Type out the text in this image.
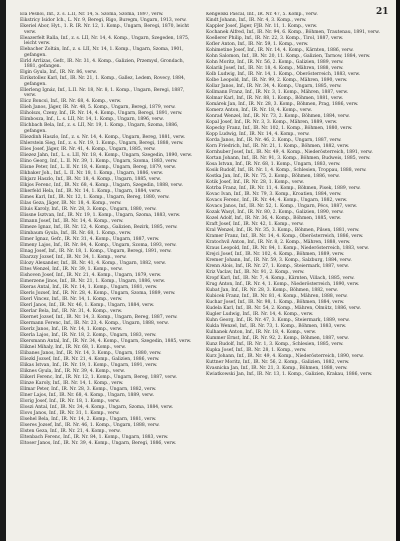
21
Ela Pesnoi, Inf., z. s. L.II, Nr. 14, S. Szoma, Szoma, 1897, verw.
Eikstricy Isidor Ich., L. Nr. 9, Beregi, Rigo, Buregm, Ungarn, 1913, verw.
Ekeriel Abor, Hyt., 1. R. IR. Nr. 12, 1. Komp., Ungarn, Beregi, 1870, leicht verw.
Eleazerfelt Ralla, Inf., z. s. LII, Nr. 14, 4. Komp., Ungarn, Szegeden, 1875, leicht verw.
Elebacher Zoltán, Inf., z. s. LII, Nr. 14, 1. Komp., Ungarn, Szoma, 1901, gefangen.
Eirld Arrlizas, Gefr., IR. Nr. 31, 4. Komp., Galizien, Przemysl, Grondach, 1881, gefangen.
Elgin Gyula, Inf., IR. Nr. 86, verw.
Eirikstollez Karl, Inf., IR. Nr. 21, 1. Komp., Gallez, Ledem, Rovecy, 1884, gefangen.
Ellerleng Ignáz, Inf., L.II. Nr. 18, Nr. 8, 1. Komp., Ungarn, Beregi, 1887, verw.
Elicz Boncsi, Inf., IR. Nr. 68, 4. Komp., verw.
Elieh Janos, Jäger, IR. Nr. 48, 5. Komp., Ungarn, Beregi, 1879, verw.
Eliholszs, Czeny, Inf., IR. Nr. 14, 4. Komp., Ungarn, Beregi, 1891, verw.
Elimbosza, Inf., L. s. LII, Nr. 14, 1. Komp., Ungarn, 1896, verw.
Elichbach Bela, Inf., z. s. LII, Nr. 19, 1. Komp., Ungarn, Szoma, 1886, gefangen.
Eliezdinh Haszlo, Inf., z. s. Nr. 14, 4. Komp., Ungarn, Bereg, 1881, verw.
Ehlerstein Sieg, Inf., z. s. Nr. 19, 1. Komp., Ungarn, Beregi, 1888, verw.
Elies Josef, Jäger, IR. Nr. 41, 4. Komp., Ungarn, 1885, verw.
Eliezez Jahn, Inf., L. s. LII, Nr. 18, 4. Komp., Ungarn, Szegedin, 1890, verw.
Elino Georg, Inf., L. II. Nr. 39, 1. Komp., Ungarn, Szoma, 1883, verw.
Elisne Peter, Inf., L. II. Nr. 18, 4. Komp., Ungarn, Bereg, 1879, verw.
Elkbaker Joh., Inf., L. II. Nr. 18, 1. Komp., Ungarn, 1886, verw.
Elkjarz Haszlo, Inf., IR. Nr. 18, 4. Komp., Ungarn, 1885, verw.
Elkjos Ferenc, Inf., IR. Nr. 68, 4. Komp., Ungarn, Szegedin, 1888, verw.
Elkerfeld Hela, Inf., IR. Nr. 14, 1. Komp., Ungarn, 1884, verw.
Eimes Karl, Inf., IR. Nr. 12, 1. Komp., Ungarn, Bereg, 1880, verw.
Eilas Geza, Jäger, IR. Nr. 18, 4. Komp., verw.
Elluis Karoly, Inf., IR. Nr. 28, 3. Komp., Ungarn, 1880, verw.
Elissne Isztvan, Inf., IR. Nr. 19, 1. Komp., Ungarn, Szoma, 1883, verw.
Elmann Josef, Inf., IR. Nr. 14, 4. Komp., verw.
Elmeze Ignaz, Inf., IR. Nr. 12, 4. Komp., Galizien, Bezirk, 1885, verw.
Elimbaum Gyula, Inf., IR. Nr. 68, 1. Komp., verw.
Elmer Ignaz, Gefr., IR. Nr. 31, 4. Komp., Ungarn, 1887, verw.
Elmeny Lajos, Inf., IR. Nr. 84, 4. Komp., Ungarn, Szoma, 1893, verw.
Elnag Josef, Inf., IR. Nr. 18, 1. Komp., Ungarn, Beregi, 1891, verw.
Ebarzzy Jozsef, Inf., IR. Nr. 34, 1. Komp., verw.
Eilozy Alexander, Inf., IR. Nr. 41, 4. Komp., Ungarn, 1882, verw.
Eltes Wenzel, Inf., IR. Nr. 39, 1. Komp., verw.
Eishoven Josef, Inf., IR. Nr. 21, 4. Komp., Ungarn, 1879, verw.
Eimerzene Jinos, Inf., IR. Nr. 21, 1. Komp., Ungarn, 1886, verw.
Ekeras Antal, Inf., IR. Nr. 14, 1. Komp., Ungarn, 1881, verw.
Ekerls Jozsef, Inf., IR. Nr. 28, 4. Komp., Ungarn, Szoma, 1889, verw.
Ekerl Vincez, Inf., IR. Nr. 14, 1. Komp., verw.
Ekerl Janos, Inf., IR. Nr. 46, 1. Komp., Ungarn, 1884, verw.
Ekerlar Bela, Inf., IR. Nr. 31, 4. Komp., verw.
Ekernet Jozsef, Inf., IR. Nr. 14, 3. Komp., Ungarn, Bereg, 1887, verw.
Ekermann Ferenc, Inf., IR. Nr. 23, 4. Komp., Ungarn, 1888, verw.
Ekerlz Janos, Inf., IR. Nr. 14, 1. Komp., verw.
Ekerla Lajos, Inf., IR. Nr. 18, 2. Komp., Ungarn, 1883, verw.
Ekersmann Antal, Inf., IR. Nr. 34, 4. Komp., Ungarn, Szegedin, 1885, verw.
Eliknel Mihaly, Inf., IR. Nr. 68, 1. Komp., verw.
Elibanes Janos, Inf., IR. Nr. 14, 3. Komp., Ungarn, 1880, verw.
Eliezkl Jozsef, Inf., IR. Nr. 21, 4. Komp., Galizien, 1886, verw.
Elikas Istvan, Inf., IR. Nr. 19, 1. Komp., Ungarn, 1891, verw.
Eliknes Gyula, Inf., IR. Nr. 39, 4. Komp., verw.
Elikerl Ferenc, Inf., IR. Nr. 12, 1. Komp., Ungarn, Bereg, 1887, verw.
Elinze Karoly, Inf., IR. Nr. 14, 1. Komp., verw.
Ellmar Peter, Inf., IR. Nr. 28, 3. Komp., Ungarn, 1882, verw.
Elner Lajos, Inf., IR. Nr. 68, 4. Komp., Ungarn, 1889, verw.
Elorig Josef, Inf., IR. Nr. 18, 1. Komp., verw.
Eloszi Antal, Inf., IR. Nr. 34, 4. Komp., Ungarn, Szoma, 1884, verw.
Elovs Janos, Inf., IR. Nr. 31, 1. Komp., verw.
Elsehel Bela, Inf., IR. Nr. 14, 2. Komp., Ungarn, 1881, verw.
Elseres Jozsef, Inf., IR. Nr. 46, 1. Komp., Ungarn, 1888, verw.
Elsten Geza, Inf., IR. Nr. 21, 4. Komp., verw.
Eltenbach Ferenc, Inf., IR. Nr. 84, 1. Komp., Ungarn, 1883, verw.
Eltoser Janos, Inf., IR. Nr. 39, 4. Komp., Ungarn, Beregi, 1886, verw.
Kengelski Pascal, Inf., IR. Nr. 47, 5. Komp., verw.
Kindt Johann, Inf., IR. Nr. 4, 3. Komp., verw.
Kappler Josef, Jäger, FJB. Nr. 11, 1. Komp., verw.
Kochanek Alfred, Inf., IR. Nr. 94, 6. Komp., Böhmen, Trautenau, 1891, verw.
Koellerer Philip, Inf., IR. Nr. 22, 3. Komp., Tirol, 1887, verw.
Kofler Anton, Inf., IR. Nr. 59, 1. Komp., verw.
Kohimetine Josef, Inf., IR. Nr. 14, 4. Komp., Kärnten, 1886, verw.
Kohn Salomon, Inf., IR. Nr. 20, 11. Komp., Galizien, Tarnow, 1884, verw.
Kohn Moritz, Inf., IR. Nr. 56, 2. Komp., Galizien, 1889, verw.
Kolarik Josef, Inf., IR. Nr. 18, 4. Komp., Mähren, 1888, verw.
Kolb Ludwig, Inf., IR. Nr. 14, 1. Komp., Oberösterreich, 1883, verw.
Kolbe Leopold, Inf., IR. Nr. 99, 2. Komp., Mähren, 1890, verw.
Kollar Janos, Inf., IR. Nr. 34, 4. Komp., Ungarn, 1885, verw.
Kollmann Franz, Inf., IR. Nr. 3, 1. Komp., Mähren, 1887, verw.
Kolmar Karl, Inf., IR. Nr. 88, 1. Komp., Böhmen, 1881, verw.
Komárek Jan, Inf., IR. Nr. 28, 3. Komp., Böhmen, Prag, 1886, verw.
Komerz Anton, Inf., IR. Nr. 18, 4. Komp., verw.
Konrad Wenzel, Inf., IR. Nr. 73, 2. Komp., Böhmen, 1884, verw.
Kopal Josef, Inf., IR. Nr. 3, 3. Komp., Mähren, 1889, verw.
Kopecky Franz, Inf., IR. Nr. 102, 1. Komp., Böhmen, 1880, verw.
Kopp Ludwig, Inf., IR. Nr. 14, 4. Komp., verw.
Korda Janos, Inf., IR. Nr. 46, 2. Komp., Ungarn, 1887, verw.
Korn Friedrich, Inf., IR. Nr. 21, 1. Komp., Böhmen, 1882, verw.
Kornhuber Josef, Inf., IR. Nr. 49, 4. Komp., Niederösterreich, 1891, verw.
Kortan Johann, Inf., IR. Nr. 91, 3. Komp., Böhmen, Budweis, 1885, verw.
Kosa Istvan, Inf., IR. Nr. 68, 1. Komp., Ungarn, 1883, verw.
Kosik Rudolf, Inf., IR. Nr. 1, 4. Komp., Schlesien, Troppau, 1888, verw.
Kostka Jan, Inf., IR. Nr. 75, 2. Komp., Böhmen, 1886, verw.
Kotik Josef, Inf., IR. Nr. 28, 1. Komp., verw.
Kotrba Franz, Inf., IR. Nr. 11, 4. Komp., Böhmen, Pisek, 1889, verw.
Kovac Ivan, Inf., IR. Nr. 79, 3. Komp., Kroatien, 1884, verw.
Kovacs Ferenc, Inf., IR. Nr. 44, 4. Komp., Ungarn, 1882, verw.
Kovacs Janos, Inf., IR. Nr. 52, 1. Komp., Ungarn, Pécs, 1887, verw.
Kozak Wasyl, Inf., IR. Nr. 80, 2. Komp., Galizien, 1890, verw.
Kozel Adolf, Inf., IR. Nr. 36, 4. Komp., Böhmen, 1885, verw.
Kraft Josef, Inf., IR. Nr. 42, 1. Komp., verw.
Kral Wenzel, Inf., IR. Nr. 35, 3. Komp., Böhmen, Pilsen, 1881, verw.
Kramer Franz, Inf., IR. Nr. 14, 4. Komp., Oberösterreich, 1886, verw.
Kratochvil Anton, Inf., IR. Nr. 8, 2. Komp., Mähren, 1888, verw.
Kraus Leopold, Inf., IR. Nr. 84, 1. Komp., Niederösterreich, 1883, verw.
Krejci Josef, Inf., IR. Nr. 102, 4. Komp., Böhmen, 1889, verw.
Kremer Johann, Inf., IR. Nr. 59, 3. Komp., Salzburg, 1884, verw.
Krenn Alois, Inf., IR. Nr. 27, 1. Komp., Steiermark, 1887, verw.
Kriz Vaclav, Inf., IR. Nr. 91, 2. Komp., verw.
Kropf Karl, Inf., IR. Nr. 7, 4. Komp., Kärnten, Villach, 1885, verw.
Krug Anton, Inf., IR. Nr. 4, 1. Komp., Niederösterreich, 1890, verw.
Kubat Jan, Inf., IR. Nr. 28, 3. Komp., Böhmen, 1882, verw.
Kubicek Franz, Inf., IR. Nr. 81, 4. Komp., Mähren, 1888, verw.
Kuchar Josef, Inf., IR. Nr. 98, 1. Komp., Böhmen, 1884, verw.
Kudela Karl, Inf., IR. Nr. 54, 2. Komp., Mähren, Olmütz, 1886, verw.
Kugler Ludwig, Inf., IR. Nr. 14, 4. Komp., verw.
Kuhn Georg, Inf., IR. Nr. 47, 3. Komp., Steiermark, 1889, verw.
Kukla Wenzel, Inf., IR. Nr. 73, 1. Komp., Böhmen, 1883, verw.
Kulhanek Anton, Inf., IR. Nr. 18, 4. Komp., verw.
Kummer Ernst, Inf., IR. Nr. 92, 2. Komp., Böhmen, 1887, verw.
Kunz Rudolf, Inf., IR. Nr. 1, 3. Komp., Schlesien, 1885, verw.
Kupka Josef, Inf., IR. Nr. 28, 1. Komp., verw.
Kurz Johann, Inf., IR. Nr. 49, 4. Komp., Niederösterreich, 1890, verw.
Kuttner Moritz, Inf., IR. Nr. 56, 2. Komp., Galizien, 1882, verw.
Kvasnicka Jan, Inf., IR. Nr. 21, 3. Komp., Böhmen, 1888, verw.
Kwiatkowski Jan, Inf., IR. Nr. 13, 1. Komp., Galizien, Krakau, 1886, verw.
